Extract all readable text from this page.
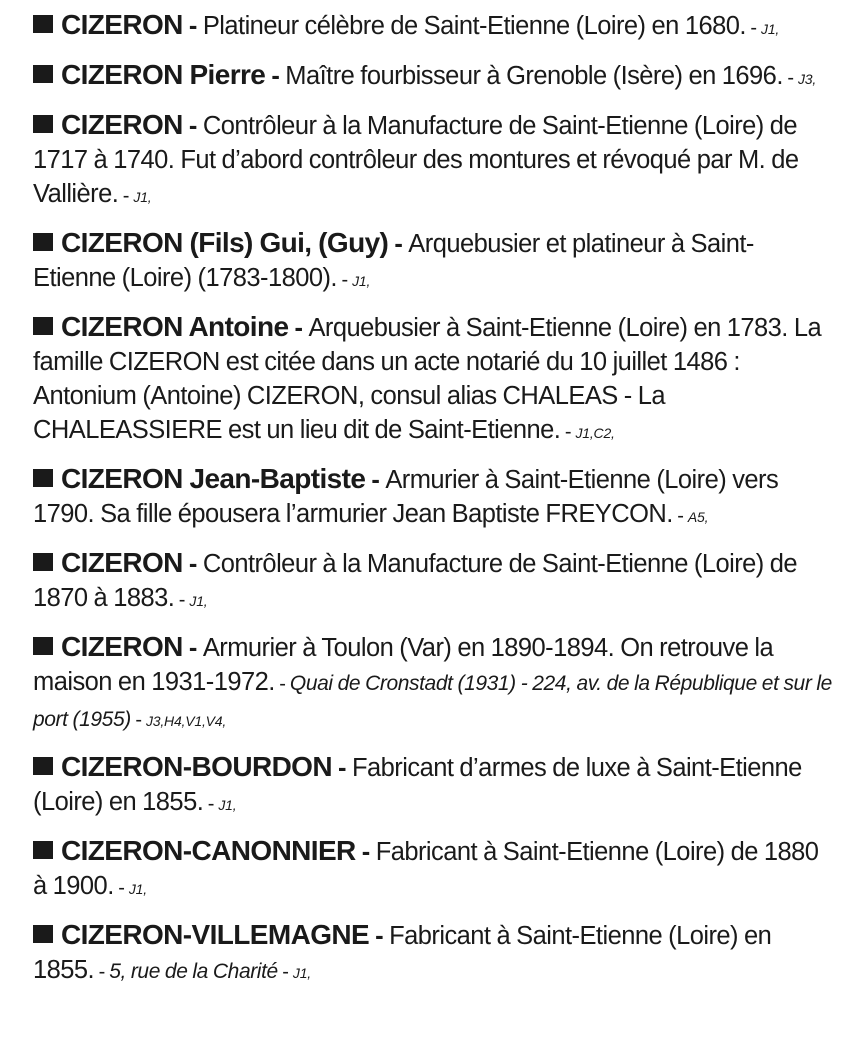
CIZERON - Platineur célèbre de Saint-Etienne (Loire) en 1680. - J1,

CIZERON Pierre - Maître fourbisseur à Grenoble (Isère) en 1696. - J3,

CIZERON - Contrôleur à la Manufacture de Saint-Etienne (Loire) de 1717 à 1740. Fut d’abord contrôleur des montures et révoqué par M. de Vallière. - J1,

CIZERON (Fils) Gui, (Guy) - Arquebusier et platineur à Saint-Etienne (Loire) (1783-1800). - J1,

CIZERON Antoine - Arquebusier à Saint-Etienne (Loire) en 1783. La famille CIZERON est citée dans un acte notarié du 10 juillet 1486 : Antonium (Antoine) CIZERON, consul alias CHALEAS - La CHALEASSIERE est un lieu dit de Saint-Etienne. - J1,C2,

CIZERON Jean-Baptiste - Armurier à Saint-Etienne (Loire) vers 1790. Sa fille épousera l’armurier Jean Baptiste FREYCON. - A5,

CIZERON - Contrôleur à la Manufacture de Saint-Etienne (Loire) de 1870 à 1883. - J1,

CIZERON - Armurier à Toulon (Var) en 1890-1894. On retrouve la maison en 1931-1972. - Quai de Cronstadt (1931) - 224, av. de la République et sur le port (1955) - J3,H4,V1,V4,

CIZERON-BOURDON - Fabricant d’armes de luxe à Saint-Etienne (Loire) en 1855. - J1,

CIZERON-CANONNIER - Fabricant à Saint-Etienne (Loire) de 1880 à 1900. - J1,

CIZERON-VILLEMAGNE - Fabricant à Saint-Etienne (Loire) en 1855. - 5, rue de la Charité - J1,
